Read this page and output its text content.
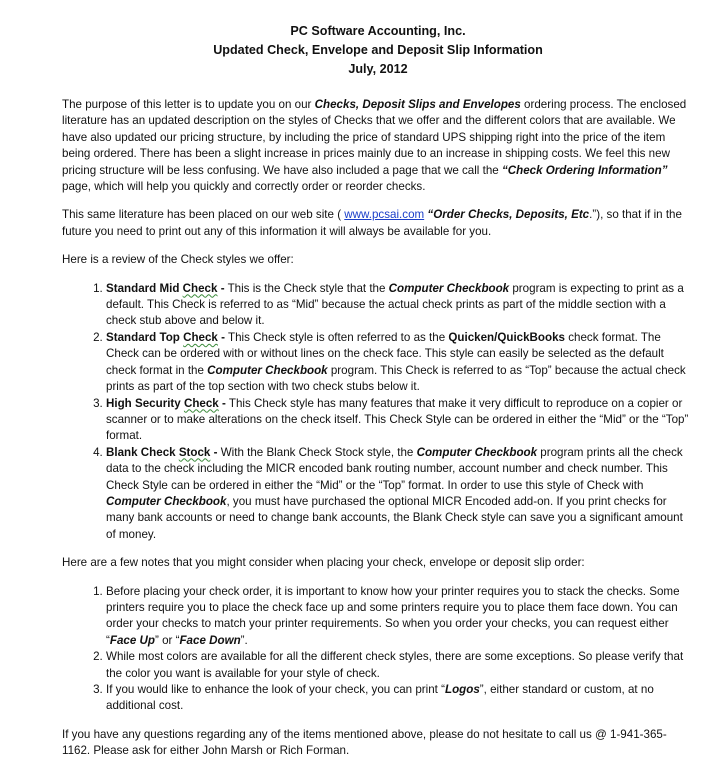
PC Software Accounting, Inc.
Updated Check, Envelope and Deposit Slip Information
July, 2012

The purpose of this letter is to update you on our Checks, Deposit Slips and Envelopes ordering process. The enclosed literature has an updated description on the styles of Checks that we offer and the different colors that are available. We have also updated our pricing structure, by including the price of standard UPS shipping right into the price of the item being ordered. There has been a slight increase in prices mainly due to an increase in shipping costs. We feel this new pricing structure will be less confusing. We have also included a page that we call the “Check Ordering Information” page, which will help you quickly and correctly order or reorder checks.

This same literature has been placed on our web site ( www.pcsai.com “Order Checks, Deposits, Etc.”), so that if in the future you need to print out any of this information it will always be available for you.

Here is a review of the Check styles we offer:

1. Standard Mid Check - This is the Check style that the Computer Checkbook program is expecting to print as a default. This Check is referred to as “Mid” because the actual check prints as part of the middle section with a check stub above and below it.
2. Standard Top Check - This Check style is often referred to as the Quicken/QuickBooks check format. The Check can be ordered with or without lines on the check face. This style can easily be selected as the default check format in the Computer Checkbook program. This Check is referred to as “Top” because the actual check prints as part of the top section with two check stubs below it.
3. High Security Check - This Check style has many features that make it very difficult to reproduce on a copier or scanner or to make alterations on the check itself. This Check Style can be ordered in either the “Mid” or the “Top” format.
4. Blank Check Stock - With the Blank Check Stock style, the Computer Checkbook program prints all the check data to the check including the MICR encoded bank routing number, account number and check number. This Check Style can be ordered in either the “Mid” or the “Top” format. In order to use this style of Check with Computer Checkbook, you must have purchased the optional MICR Encoded add-on. If you print checks for many bank accounts or need to change bank accounts, the Blank Check style can save you a significant amount of money.

Here are a few notes that you might consider when placing your check, envelope or deposit slip order:

1. Before placing your check order, it is important to know how your printer requires you to stack the checks. Some printers require you to place the check face up and some printers require you to place them face down. You can order your checks to match your printer requirements. So when you order your checks, you can request either “Face Up” or “Face Down”.
2. While most colors are available for all the different check styles, there are some exceptions. So please verify that the color you want is available for your style of check.
3. If you would like to enhance the look of your check, you can print “Logos”, either standard or custom, at no additional cost.

If you have any questions regarding any of the items mentioned above, please do not hesitate to call us @ 1-941-365-1162. Please ask for either John Marsh or Rich Forman.
